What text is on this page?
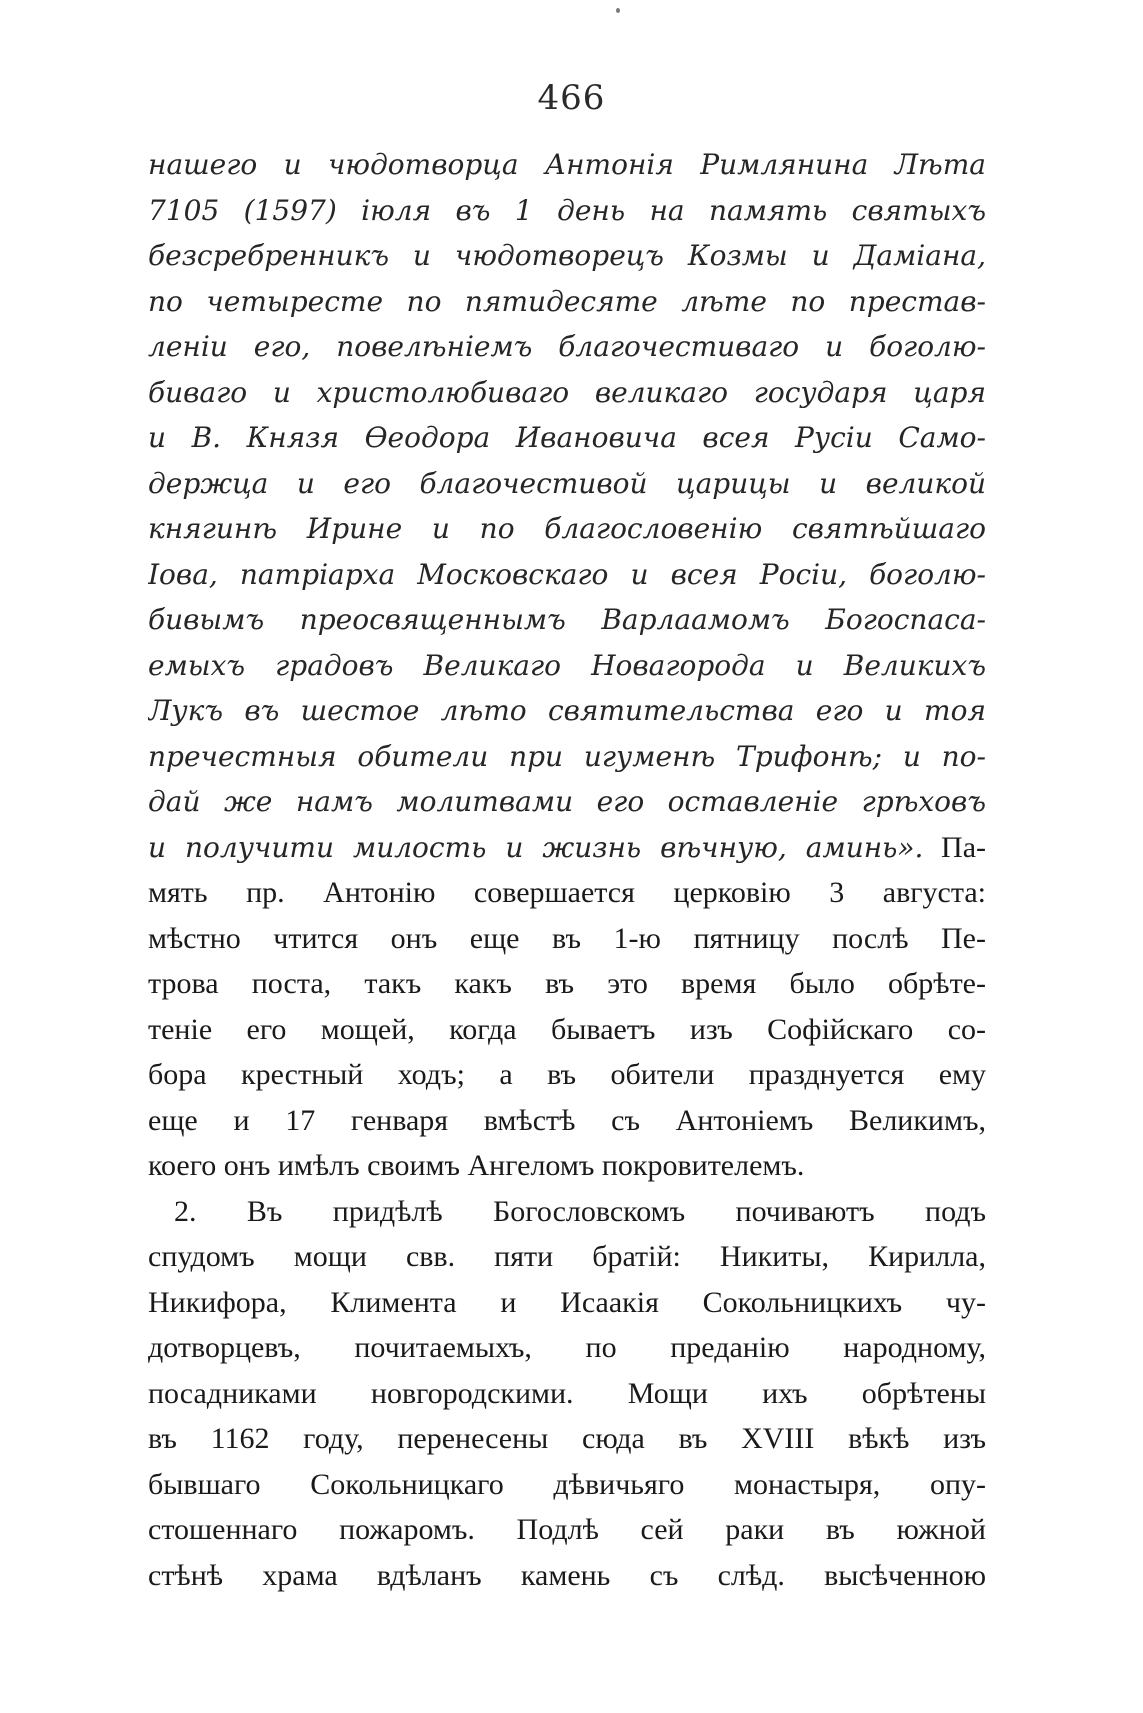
466
нашего и чюдотворца Антонія Римлянина Лѣта
7105 (1597) іюля въ 1 день на память святыхъ
безсребренникъ и чюдотворецъ Козмы и Даміана,
по четыресте по пятидесяте лѣте по престав-
леніи его, повелѣніемъ благочестиваго и боголю-
биваго и христолюбиваго великаго государя царя
и В. Князя Ѳеодора Ивановича всея Русіи Само-
держца и его благочестивой царицы и великой
княгинѣ Ирине и по благословенію святѣйшаго
Іова, патріарха Московскаго и всея Росіи, боголю-
бивымъ преосвященнымъ Варлаамомъ Богоспаса-
емыхъ градовъ Великаго Новагорода и Великихъ
Лукъ въ шестое лѣто святительства его и тоя
пречестныя обители при игуменѣ Трифонѣ; и по-
дай же намъ молитвами его оставленіе грѣховъ
и получити милость и жизнь вѣчную, аминь». Па-
мять пр. Антонію совершается церковію 3 августа:
мѣстно чтится онъ еще въ 1-ю пятницу послѣ Пе-
трова поста, такъ какъ въ это время было обрѣте-
теніе его мощей, когда бываетъ изъ Софійскаго со-
бора крестный ходъ; а въ обители празднуется ему
еще и 17 генваря вмѣстѣ съ Антоніемъ Великимъ,
коего онъ имѣлъ своимъ Ангеломъ покровителемъ.
2. Въ придѣлѣ Богословскомъ почиваютъ подъ
спудомъ мощи свв. пяти братій: Никиты, Кирилла,
Никифора, Климента и Исаакія Сокольницкихъ чу-
дотворцевъ, почитаемыхъ, по преданію народному,
посадниками новгородскими. Мощи ихъ обрѣтены
въ 1162 году, перенесены сюда въ XVIII вѣкѣ изъ
бывшаго Сокольницкаго дѣвичьяго монастыря, опу-
стошеннаго пожаромъ. Подлѣ сей раки въ южной
стѣнѣ храма вдѣланъ камень съ слѣд. высѣченною
